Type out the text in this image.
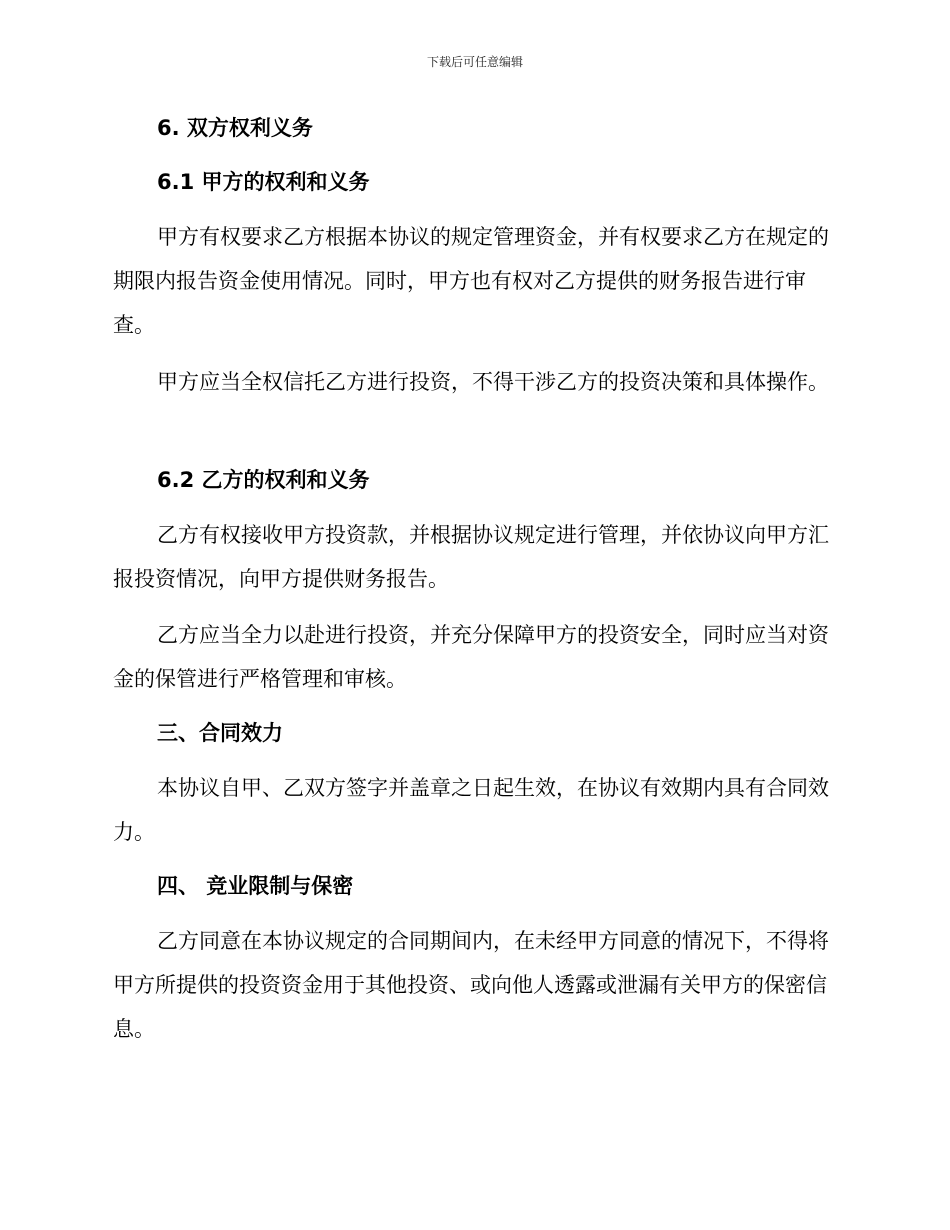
下载后可任意编辑
6. 双方权利义务
6.1 甲方的权利和义务

甲方有权要求乙方根据本协议的规定管理资金，并有权要求乙方在规定的期限内报告资金使用情况。同时，甲方也有权对乙方提供的财务报告进行审查。

甲方应当全权信托乙方进行投资，不得干涉乙方的投资决策和具体操作。

6.2 乙方的权利和义务

乙方有权接收甲方投资款，并根据协议规定进行管理，并依协议向甲方汇报投资情况，向甲方提供财务报告。

乙方应当全力以赴进行投资，并充分保障甲方的投资安全，同时应当对资金的保管进行严格管理和审核。

三、合同效力

本协议自甲、乙双方签字并盖章之日起生效，在协议有效期内具有合同效力。

四、 竞业限制与保密

乙方同意在本协议规定的合同期间内，在未经甲方同意的情况下，不得将甲方所提供的投资资金用于其他投资、或向他人透露或泄漏有关甲方的保密信息。
